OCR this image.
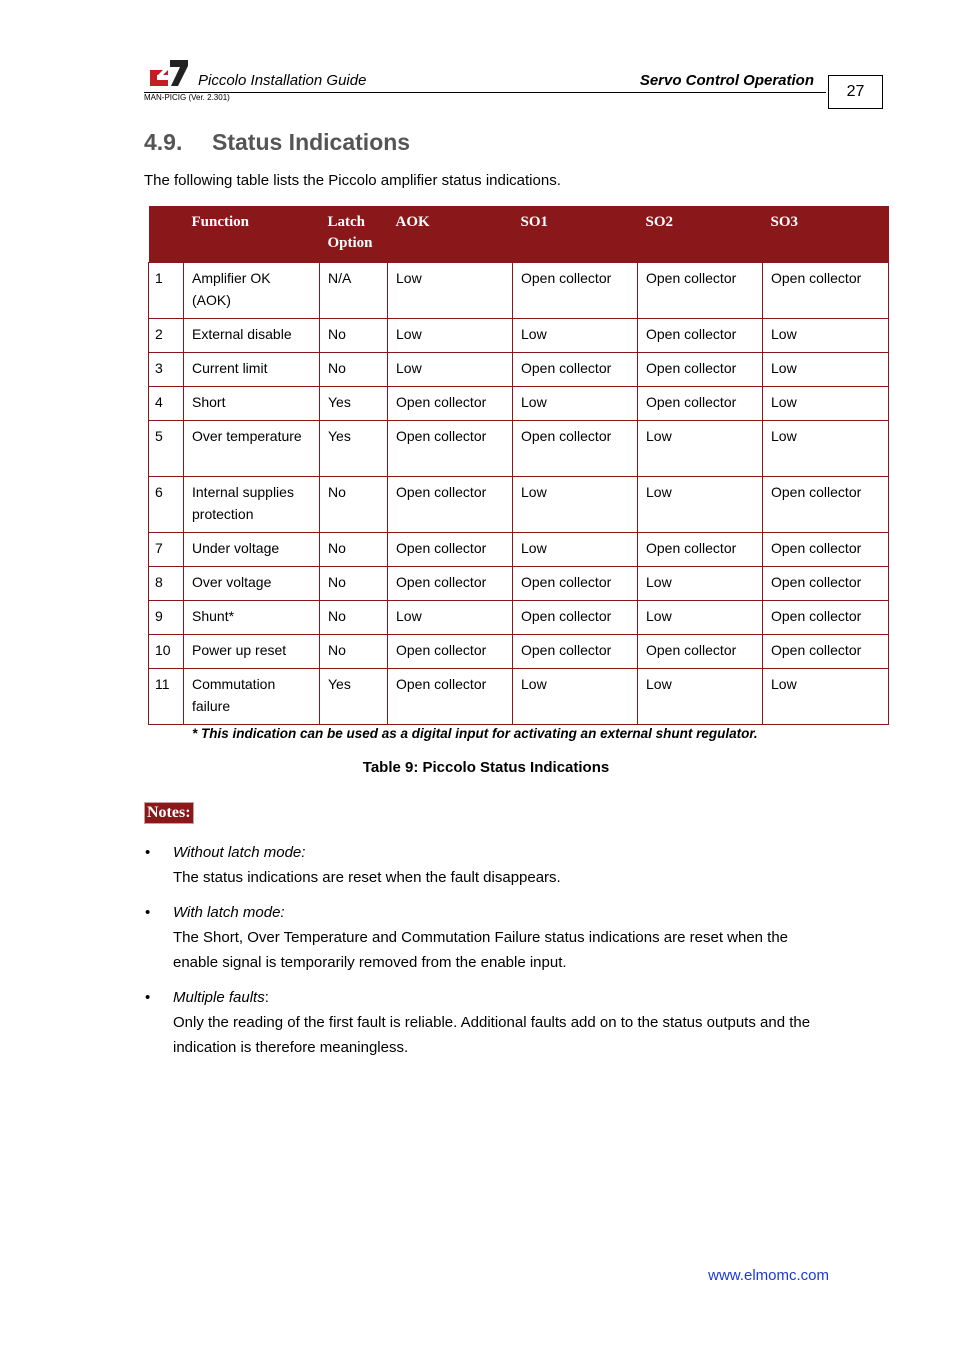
Piccolo Installation Guide	Servo Control Operation
MAN-PICIG (Ver. 2.301)	27
4.9. Status Indications
The following table lists the Piccolo amplifier status indications.
	Function	Latch Option	AOK	SO1	SO2	SO3
1	Amplifier OK (AOK)	N/A	Low	Open collector	Open collector	Open collector
2	External disable	No	Low	Low	Open collector	Low
3	Current limit	No	Low	Open collector	Open collector	Low
4	Short	Yes	Open collector	Low	Open collector	Low
5	Over temperature	Yes	Open collector	Open collector	Low	Low
6	Internal supplies protection	No	Open collector	Low	Low	Open collector
7	Under voltage	No	Open collector	Low	Open collector	Open collector
8	Over voltage	No	Open collector	Open collector	Low	Open collector
9	Shunt*	No	Low	Open collector	Low	Open collector
10	Power up reset	No	Open collector	Open collector	Open collector	Open collector
11	Commutation failure	Yes	Open collector	Low	Low	Low
* This indication can be used as a digital input for activating an external shunt regulator.
Table 9: Piccolo Status Indications
Notes:
• Without latch mode:
The status indications are reset when the fault disappears.
• With latch mode:
The Short, Over Temperature and Commutation Failure status indications are reset when the enable signal is temporarily removed from the enable input.
• Multiple faults:
Only the reading of the first fault is reliable. Additional faults add on to the status outputs and the indication is therefore meaningless.
www.elmomc.com
